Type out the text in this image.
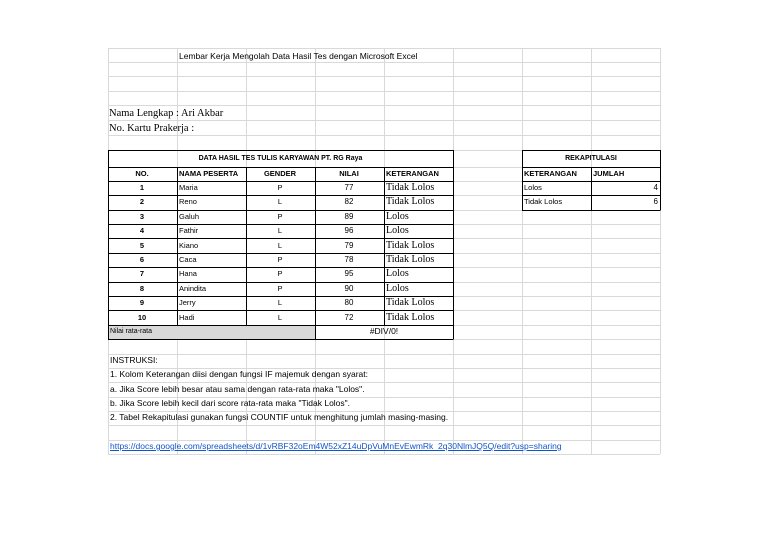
Lembar Kerja Mengolah Data Hasil Tes dengan Microsoft Excel
Nama Lengkap : Ari Akbar
No. Kartu Prakerja :
DATA HASIL TES TULIS KARYAWAN PT. RG Raya
NO.	NAMA PESERTA	GENDER	NILAI	KETERANGAN
1	Maria	P	77	Tidak Lolos
2	Reno	L	82	Tidak Lolos
3	Galuh	P	89	Lolos
4	Fathir	L	96	Lolos
5	Kiano	L	79	Tidak Lolos
6	Caca	P	78	Tidak Lolos
7	Hana	P	95	Lolos
8	Anindita	P	90	Lolos
9	Jerry	L	80	Tidak Lolos
10	Hadi	L	72	Tidak Lolos
Nilai rata-rata	#DIV/0!
REKAPITULASI
KETERANGAN JUMLAH
Lolos	4
Tidak Lolos	6
INSTRUKSI:
1. Kolom Keterangan diisi dengan fungsi IF majemuk dengan syarat:
a. Jika Score lebih besar atau sama dengan rata-rata maka "Lolos".
b. Jika Score lebih kecil dari score rata-rata maka "Tidak Lolos".
2. Tabel Rekapitulasi gunakan fungsi COUNTIF untuk menghitung jumlah masing-masing.
https://docs.google.com/spreadsheets/d/1vRBF32oEm4W52xZ14uDpVuMnEvEwmRk_2q30NlmJQ5Q/edit?usp=sharing
